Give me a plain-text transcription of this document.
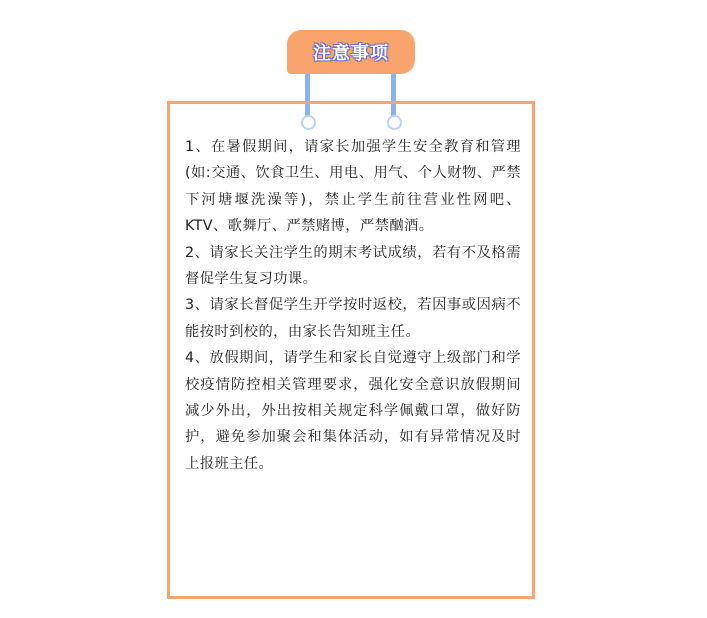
注意事项

1、在暑假期间，请家长加强学生安全教育和管理(如:交通、饮食卫生、用电、用气、个人财物、严禁下河塘堰洗澡等)，禁止学生前往营业性网吧、KTV、歌舞厅、严禁赌博，严禁酗酒。

2、请家长关注学生的期末考试成绩，若有不及格需督促学生复习功课。

3、请家长督促学生开学按时返校，若因事或因病不能按时到校的，由家长告知班主任。

4、放假期间，请学生和家长自觉遵守上级部门和学校疫情防控相关管理要求，强化安全意识放假期间减少外出，外出按相关规定科学佩戴口罩，做好防护，避免参加聚会和集体活动，如有异常情况及时上报班主任。
